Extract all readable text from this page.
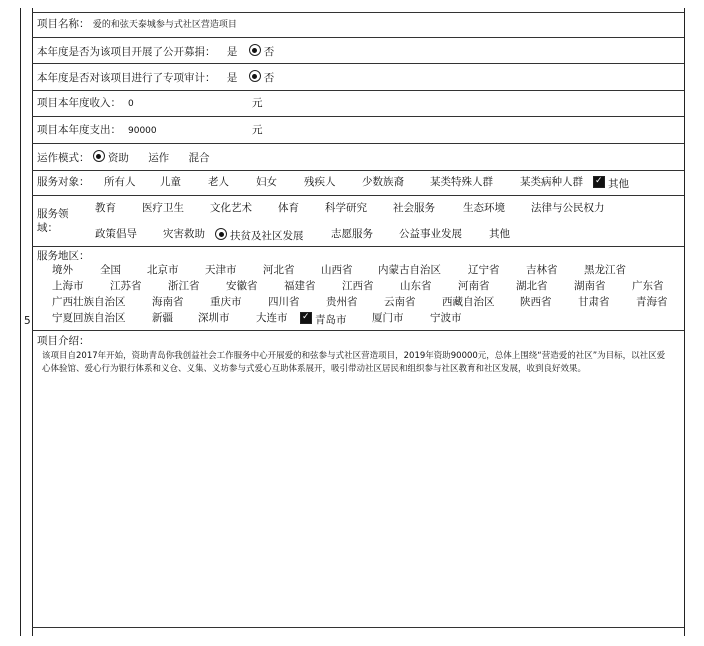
项目名称： 爱的和弦天泰城参与式社区营造项目
本年度是否为该项目开展了公开募捐： 是	否
本年度是否对该项目进行了专项审计： 是	否
项目本年度收入： 0	元
项目本年度支出： 90000	元
运作模式： 资助 运作 混合
服务对象： 所有人 儿童	老人	妇女	残疾人	少数族裔 某类特殊人群	某类病种人群 ✓	其他
服务领
域：
教育 医疗卫生 文化艺术 体育 科学研究 社会服务	生态环境 法律与公民权力
政策倡导 灾害救助	扶贫及社区发展	志愿服务 公益事业发展	其他
服务地区：
境外	全国 北京市	天津市	河北省	山西省 内蒙古自治区	辽宁省	吉林省	黑龙江省
上海市	江苏省	浙江省	安徽省	福建省	江西省	山东省	河南省	湖北省	湖南省	广东省
广西壮族自治区	海南省	重庆市	四川省	贵州省	云南省	西藏自治区 陕西省	甘肃省	青海省
5 宁夏回族自治区	新疆 深圳市	大连市 ✓	青岛市 厦门市	宁波市
项目介绍：
该项目自2017年开始，资助青岛你我创益社会工作服务中心开展爱的和弦参与式社区营造项目，2019年资助90000元，总体上围绕“营造爱的社区”为目标，以社区爱心体验馆、爱心行为银行体系和义仓、义集、义坊参与式爱心互助体系展开，吸引带动社区居民和组织参与社区教育和社区发展，收到良好效果。
